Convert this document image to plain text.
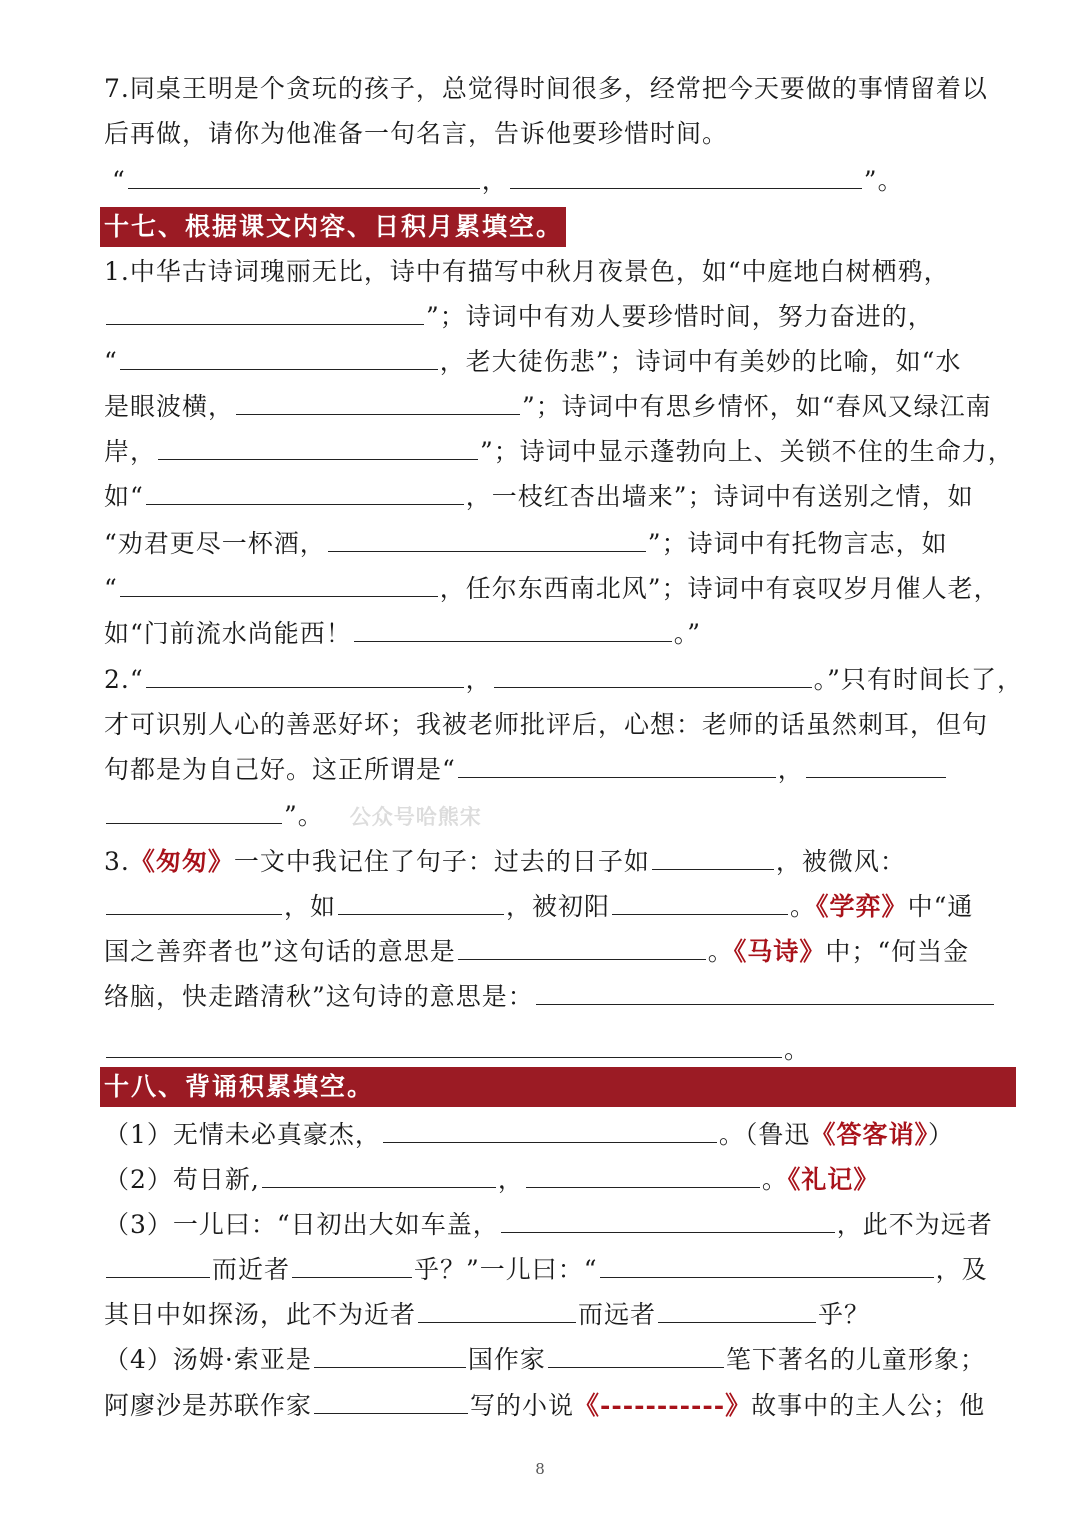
7.同桌王明是个贪玩的孩子，总觉得时间很多，经常把今天要做的事情留着以
后再做，请你为他准备一句名言，告诉他要珍惜时间。
“	，	”。
十七、根据课文内容、日积月累填空。
1.中华古诗词瑰丽无比，诗中有描写中秋月夜景色，如“中庭地白树栖鸦，
”；诗词中有劝人要珍惜时间，努力奋进的，
“	，老大徒伤悲”；诗词中有美妙的比喻，如“水
是眼波横，	”；诗词中有思乡情怀，如“春风又绿江南
岸，	”；诗词中显示蓬勃向上、关锁不住的生命力，
如“	，一枝红杏出墙来”；诗词中有送别之情，如
“劝君更尽一杯酒，	”；诗词中有托物言志，如
“	，任尔东西南北风”；诗词中有哀叹岁月催人老，
如“门前流水尚能西！	。”
2.“	，	。”只有时间长了，
才可识别人心的善恶好坏；我被老师批评后，心想：老师的话虽然刺耳，但句
句都是为自己好。这正所谓是“	，
”。 公众号哈熊宋
3.《匆匆》一文中我记住了句子：过去的日子如	，被微风：
，如	，被初阳	。《学弈》中“通
国之善弈者也”这句话的意思是	。《马诗》中；“何当金
络脑，快走踏清秋”这句诗的意思是：
。
十八、背诵积累填空。
（1）无情未必真豪杰，	。（鲁迅《答客诮》）
（2）苟日新,	，	。《礼记》
（3）一儿曰：“日初出大如车盖，	，此不为远者
而近者	乎？”一儿曰：“	，及
其日中如探汤，此不为近者	而远者	乎？
（4）汤姆·索亚是	国作家	笔下著名的儿童形象；
阿廖沙是苏联作家	写的小说《-----------》故事中的主人公；他
8
